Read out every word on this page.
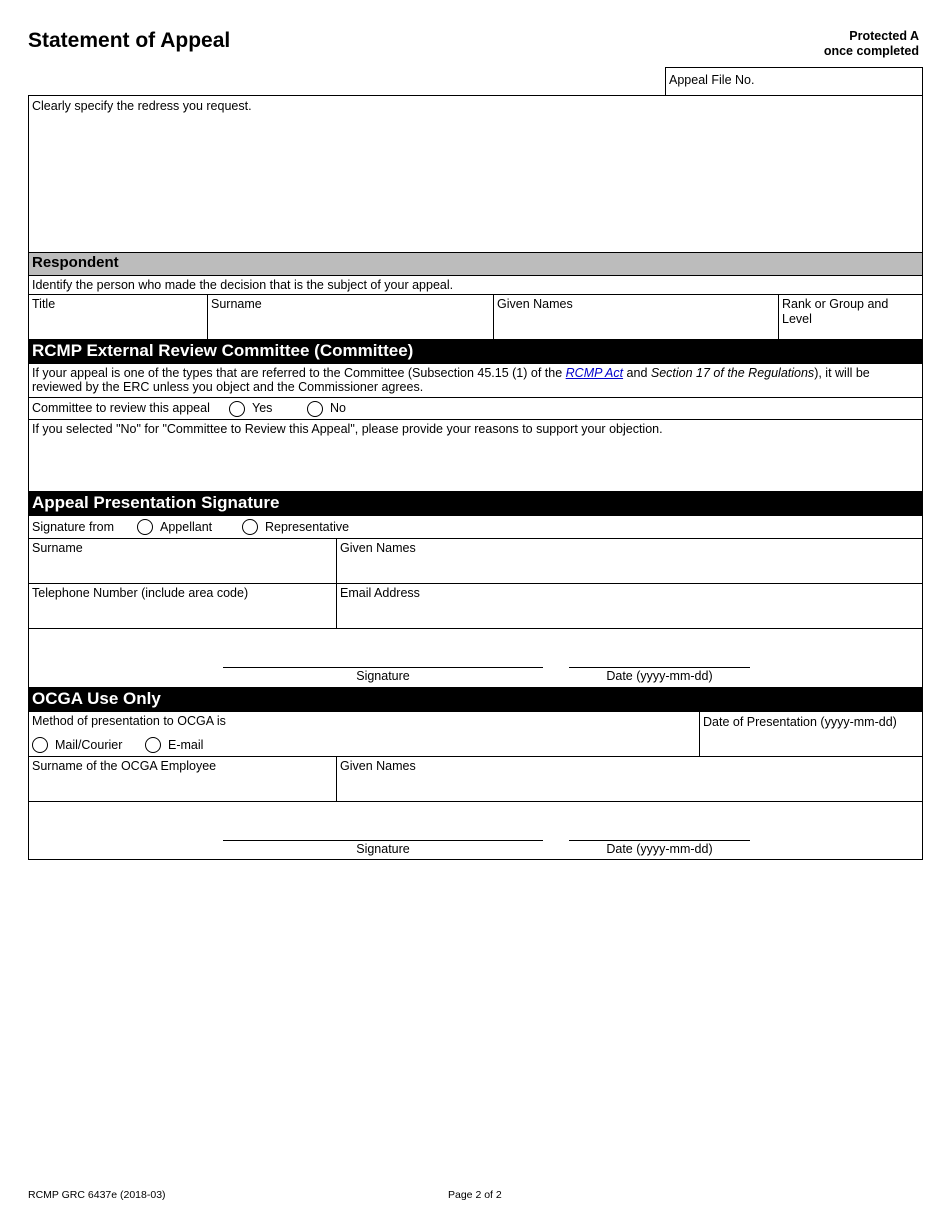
Statement of Appeal	Protected A
once completed
Appeal File No.
Clearly specify the redress you request.
Respondent
Identify the person who made the decision that is the subject of your appeal.
Title	Surname	Given Names	Rank or Group and Level
RCMP External Review Committee (Committee)
If your appeal is one of the types that are referred to the Committee (Subsection 45.15 (1) of the RCMP Act and Section 17 of the Regulations), it will be reviewed by the ERC unless you object and the Commissioner agrees.
Committee to review this appeal	Yes	No
If you selected "No" for "Committee to Review this Appeal", please provide your reasons to support your objection.
Appeal Presentation Signature
Signature from	Appellant	Representative
Surname	Given Names
Telephone Number (include area code)	Email Address
Signature	Date (yyyy-mm-dd)
OCGA Use Only
Method of presentation to OCGA is
Mail/Courier	E-mail
Date of Presentation (yyyy-mm-dd)
Surname of the OCGA Employee	Given Names
Signature	Date (yyyy-mm-dd)
RCMP GRC 6437e (2018-03)	Page 2 of 2
